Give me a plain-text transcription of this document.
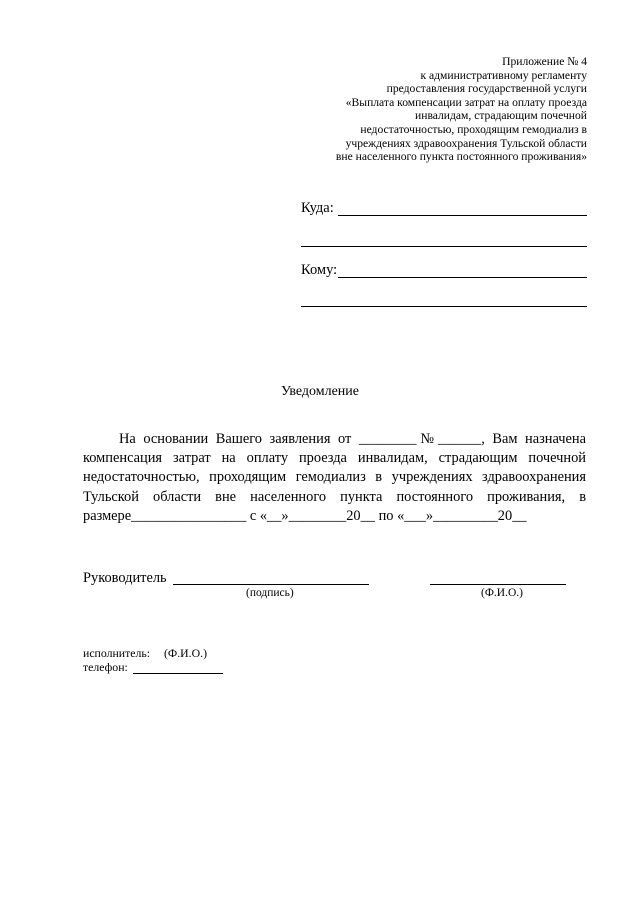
Приложение № 4
к административному регламенту
предоставления государственной услуги
«Выплата компенсации затрат на оплату проезда
инвалидам, страдающим почечной
недостаточностью, проходящим гемодиализ в
учреждениях здравоохранения Тульской области
вне населенного пункта постоянного проживания»
Куда:
Кому:
Уведомление
На основании Вашего заявления от ________№______, Вам назначена
компенсация затрат на оплату проезда инвалидам, страдающим почечной
недостаточностью, проходящим гемодиализ в учреждениях здравоохранения
Тульской области вне населенного пункта постоянного проживания, в
размере________________ с «__»________20__ по «___»_________20__
Руководитель
(подпись)	(Ф.И.О.)
исполнитель: (Ф.И.О.)
телефон:
